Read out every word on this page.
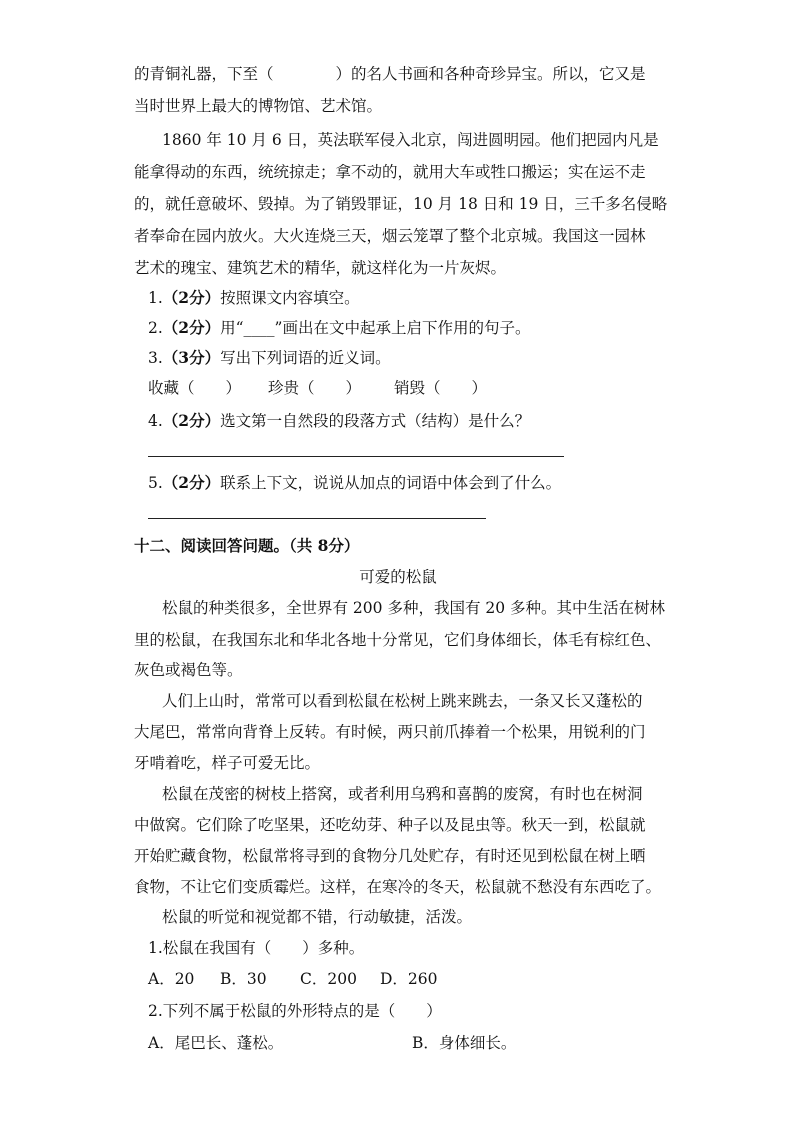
的青铜礼器，下至（　　　　）的名人书画和各种奇珍异宝。所以，它又是
当时世界上最大的博物馆、艺术馆。
1860 年 10 月 6 日，英法联军侵入北京，闯进圆明园。他们把园内凡是
能拿得动的东西，统统掠走；拿不动的，就用大车或牲口搬运；实在运不走
的，就任意破坏、毁掉。为了销毁罪证，10 月 18 日和 19 日，三千多名侵略
者奉命在园内放火。大火连烧三天，烟云笼罩了整个北京城。我国这一园林
艺术的瑰宝、建筑艺术的精华，就这样化为一片灰烬。
1.（2分）按照课文内容填空。
2.（2分）用“____”画出在文中起承上启下作用的句子。
3.（3分）写出下列词语的近义词。
收藏（　　） 珍贵（　　） 销毁（　　）
4.（2分）选文第一自然段的段落方式（结构）是什么？
5.（2分）联系上下文，说说从加点的词语中体会到了什么。
十二、阅读回答问题。（共 8分）
可爱的松鼠
松鼠的种类很多，全世界有 200 多种，我国有 20 多种。其中生活在树林
里的松鼠，在我国东北和华北各地十分常见，它们身体细长，体毛有棕红色、
灰色或褐色等。
人们上山时，常常可以看到松鼠在松树上跳来跳去，一条又长又蓬松的
大尾巴，常常向背脊上反转。有时候，两只前爪捧着一个松果，用锐利的门
牙啃着吃，样子可爱无比。
松鼠在茂密的树枝上搭窝，或者利用乌鸦和喜鹊的废窝，有时也在树洞
中做窝。它们除了吃坚果，还吃幼芽、种子以及昆虫等。秋天一到，松鼠就
开始贮藏食物，松鼠常将寻到的食物分几处贮存，有时还见到松鼠在树上晒
食物，不让它们变质霉烂。这样，在寒冷的冬天，松鼠就不愁没有东西吃了。
松鼠的听觉和视觉都不错，行动敏捷，活泼。
1.松鼠在我国有（　　）多种。
A．20 B．30 C．200 D．260
2.下列不属于松鼠的外形特点的是（　　）
A．尾巴长、蓬松。	B．身体细长。
